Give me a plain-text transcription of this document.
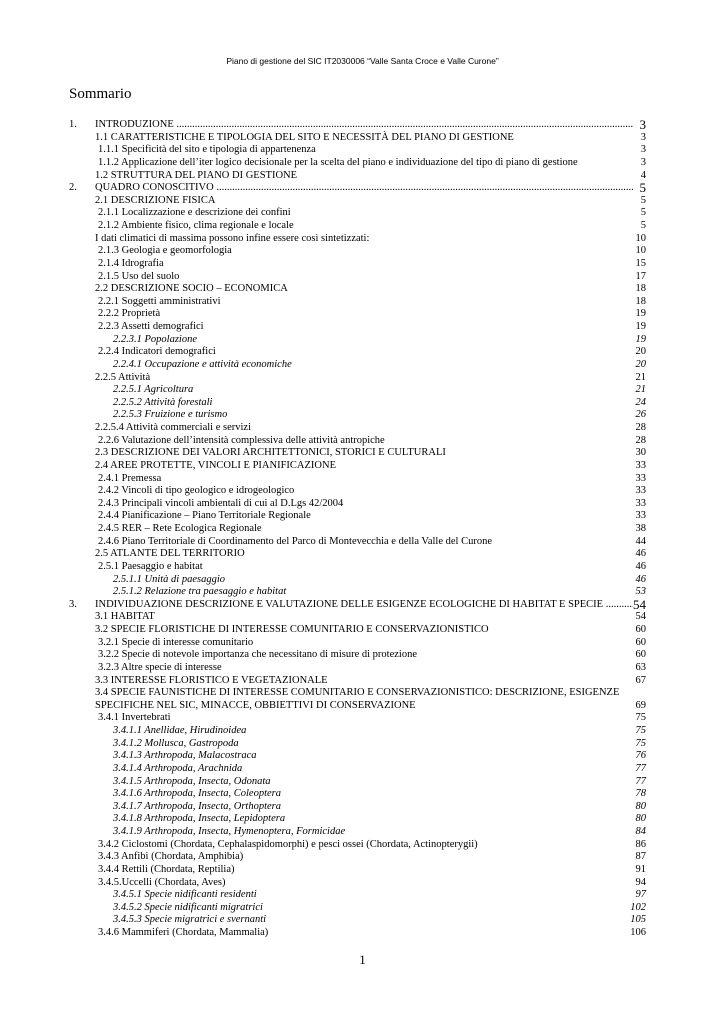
Piano di gestione del SIC IT2030006 “Valle Santa Croce e Valle Curone”
Sommario
1. INTRODUZIONE .....	3
1.1 CARATTERISTICHE E TIPOLOGIA DEL SITO E NECESSITÀ DEL PIANO DI GESTIONE	3
1.1.1 Specificità del sito e tipologia di appartenenza	3
1.1.2 Applicazione dell’iter logico decisionale per la scelta del piano e individuazione del tipo di piano di gestione	3
1.2 STRUTTURA DEL PIANO DI GESTIONE	4
2. QUADRO CONOSCITIVO .....	5
2.1 DESCRIZIONE FISICA	5
2.1.1 Localizzazione e descrizione dei confini	5
2.1.2 Ambiente fisico, clima regionale e locale	5
I dati climatici di massima possono infine essere così sintetizzati:	10
2.1.3 Geologia e geomorfologia	10
2.1.4 Idrografia	15
2.1.5 Uso del suolo	17
2.2 DESCRIZIONE SOCIO – ECONOMICA	18
2.2.1 Soggetti amministrativi	18
2.2.2 Proprietà	19
2.2.3 Assetti demografici	19
2.2.3.1 Popolazione	19
2.2.4 Indicatori demografici	20
2.2.4.1 Occupazione e attività economiche	20
2.2.5 Attività	21
2.2.5.1 Agricoltura	21
2.2.5.2 Attività forestali	24
2.2.5.3 Fruizione e turismo	26
2.2.5.4 Attività commerciali e servizi	28
2.2.6 Valutazione dell’intensità complessiva delle attività antropiche	28
2.3 DESCRIZIONE DEI VALORI ARCHITETTONICI, STORICI E CULTURALI	30
2.4 AREE PROTETTE, VINCOLI E PIANIFICAZIONE	33
2.4.1 Premessa	33
2.4.2 Vincoli di tipo geologico e idrogeologico	33
2.4.3 Principali vincoli ambientali di cui al D.Lgs 42/2004	33
2.4.4 Pianificazione – Piano Territoriale Regionale	33
2.4.5 RER – Rete Ecologica Regionale	38
2.4.6 Piano Territoriale di Coordinamento del Parco di Montevecchia e della Valle del Curone	44
2.5 ATLANTE DEL TERRITORIO	46
2.5.1 Paesaggio e habitat	46
2.5.1.1 Unità di paesaggio	46
2.5.1.2 Relazione tra paesaggio e habitat	53
3. INDIVIDUAZIONE DESCRIZIONE E VALUTAZIONE DELLE ESIGENZE ECOLOGICHE DI HABITAT E SPECIE .....	54
3.1 HABITAT	54
3.2 SPECIE FLORISTICHE DI INTERESSE COMUNITARIO E CONSERVAZIONISTICO	60
3.2.1 Specie di interesse comunitario	60
3.2.2 Specie di notevole importanza che necessitano di misure di protezione	60
3.2.3 Altre specie di interesse	63
3.3 INTERESSE FLORISTICO E VEGETAZIONALE	67
3.4 SPECIE FAUNISTICHE DI INTERESSE COMUNITARIO E CONSERVAZIONISTICO: DESCRIZIONE, ESIGENZE SPECIFICHE NEL SIC, MINACCE, OBBIETTIVI DI CONSERVAZIONE	69
3.4.1 Invertebrati	75
3.4.1.1 Anellidae, Hirudinoidea	75
3.4.1.2 Mollusca, Gastropoda	75
3.4.1.3 Arthropoda, Malacostraca	76
3.4.1.4 Arthropoda, Arachnida	77
3.4.1.5 Arthropoda, Insecta, Odonata	77
3.4.1.6 Arthropoda, Insecta, Coleoptera	78
3.4.1.7 Arthropoda, Insecta, Orthoptera	80
3.4.1.8 Arthropoda, Insecta, Lepidoptera	80
3.4.1.9 Arthropoda, Insecta, Hymenoptera, Formicidae	84
3.4.2 Ciclostomi (Chordata, Cephalaspidomorphi) e pesci ossei (Chordata, Actinopterygii)	86
3.4.3 Anfibi (Chordata, Amphibia)	87
3.4.4 Rettili (Chordata, Reptilia)	91
3.4.5.Uccelli (Chordata, Aves)	94
3.4.5.1 Specie nidificanti residenti	97
3.4.5.2 Specie nidificanti migratrici	102
3.4.5.3 Specie migratrici e svernanti	105
3.4.6 Mammiferi (Chordata, Mammalia)	106
1
